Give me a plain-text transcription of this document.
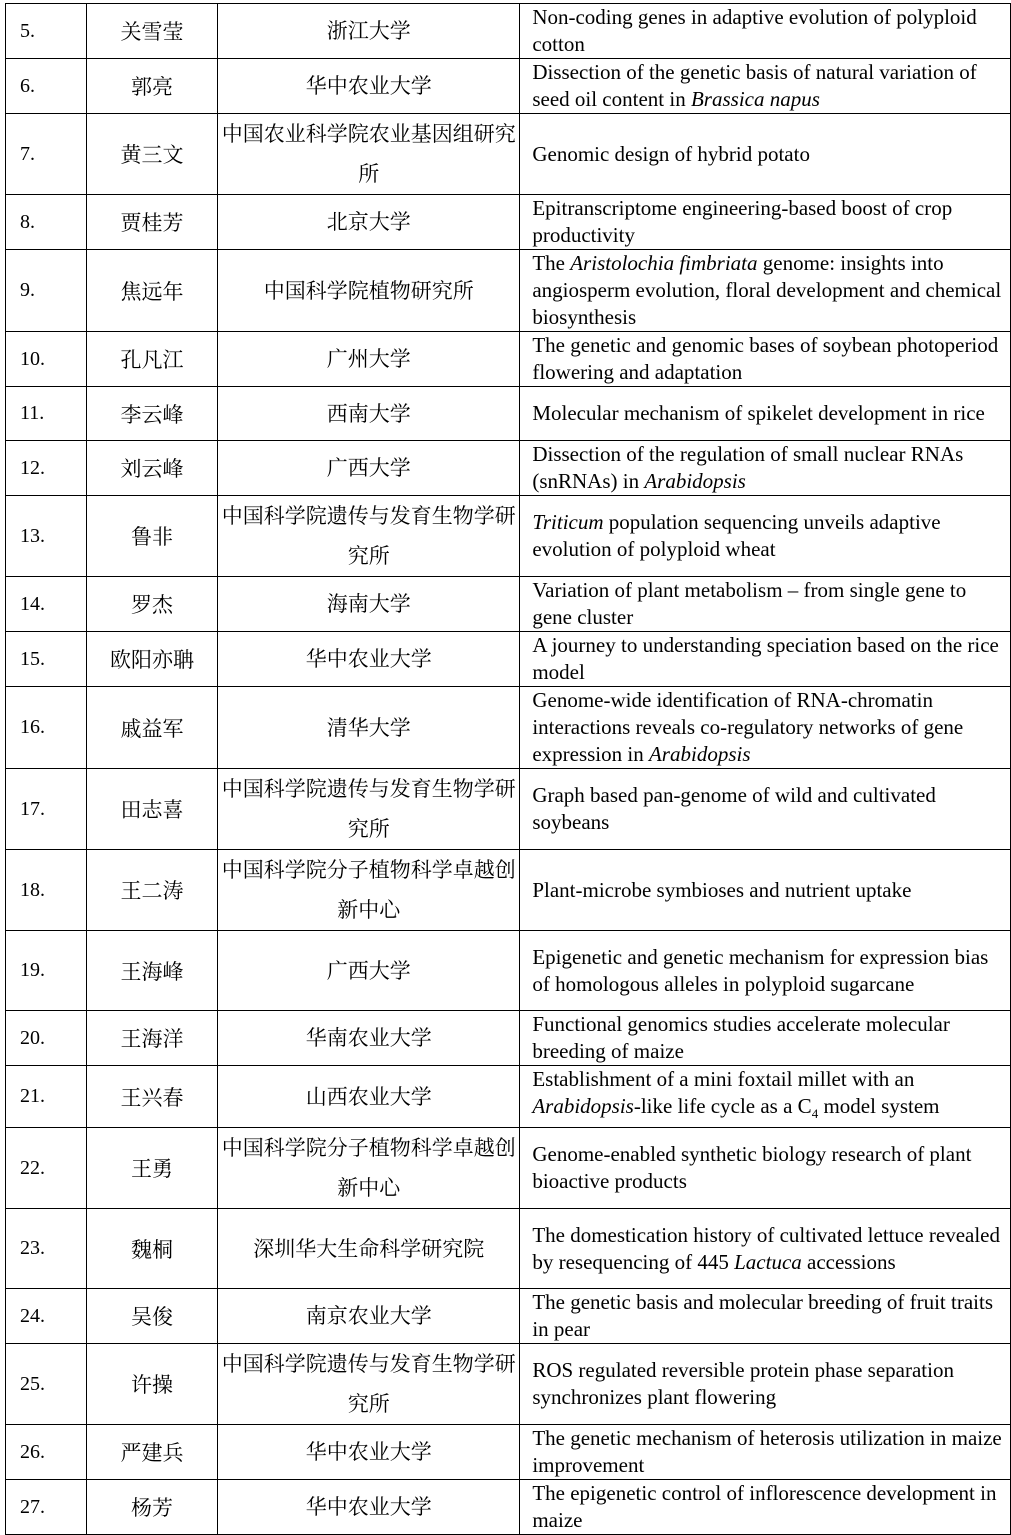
5.	关雪莹	浙江大学	Non-coding genes in adaptive evolution of polyploid cotton
6.	郭亮	华中农业大学	Dissection of the genetic basis of natural variation of seed oil content in Brassica napus
7.	黄三文	中国农业科学院农业基因组研究所	Genomic design of hybrid potato
8.	贾桂芳	北京大学	Epitranscriptome engineering-based boost of crop productivity
9.	焦远年	中国科学院植物研究所	The Aristolochia fimbriata genome: insights into angiosperm evolution, floral development and chemical biosynthesis
10.	孔凡江	广州大学	The genetic and genomic bases of soybean photoperiod flowering and adaptation
11.	李云峰	西南大学	Molecular mechanism of spikelet development in rice
12.	刘云峰	广西大学	Dissection of the regulation of small nuclear RNAs (snRNAs) in Arabidopsis
13.	鲁非	中国科学院遗传与发育生物学研究所	Triticum population sequencing unveils adaptive evolution of polyploid wheat
14.	罗杰	海南大学	Variation of plant metabolism – from single gene to gene cluster
15.	欧阳亦聃	华中农业大学	A journey to understanding speciation based on the rice model
16.	戚益军	清华大学	Genome-wide identification of RNA-chromatin interactions reveals co-regulatory networks of gene expression in Arabidopsis
17.	田志喜	中国科学院遗传与发育生物学研究所	Graph based pan-genome of wild and cultivated soybeans
18.	王二涛	中国科学院分子植物科学卓越创新中心	Plant-microbe symbioses and nutrient uptake
19.	王海峰	广西大学	Epigenetic and genetic mechanism for expression bias of homologous alleles in polyploid sugarcane
20.	王海洋	华南农业大学	Functional genomics studies accelerate molecular breeding of maize
21.	王兴春	山西农业大学	Establishment of a mini foxtail millet with an Arabidopsis-like life cycle as a $C_4$ model system
22.	王勇	中国科学院分子植物科学卓越创新中心	Genome-enabled synthetic biology research of plant bioactive products
23.	魏桐	深圳华大生命科学研究院	The domestication history of cultivated lettuce revealed by resequencing of 445 Lactuca accessions
24.	吴俊	南京农业大学	The genetic basis and molecular breeding of fruit traits in pear
25.	许操	中国科学院遗传与发育生物学研究所	ROS regulated reversible protein phase separation synchronizes plant flowering
26.	严建兵	华中农业大学	The genetic mechanism of heterosis utilization in maize improvement
27.	杨芳	华中农业大学	The epigenetic control of inflorescence development in maize
